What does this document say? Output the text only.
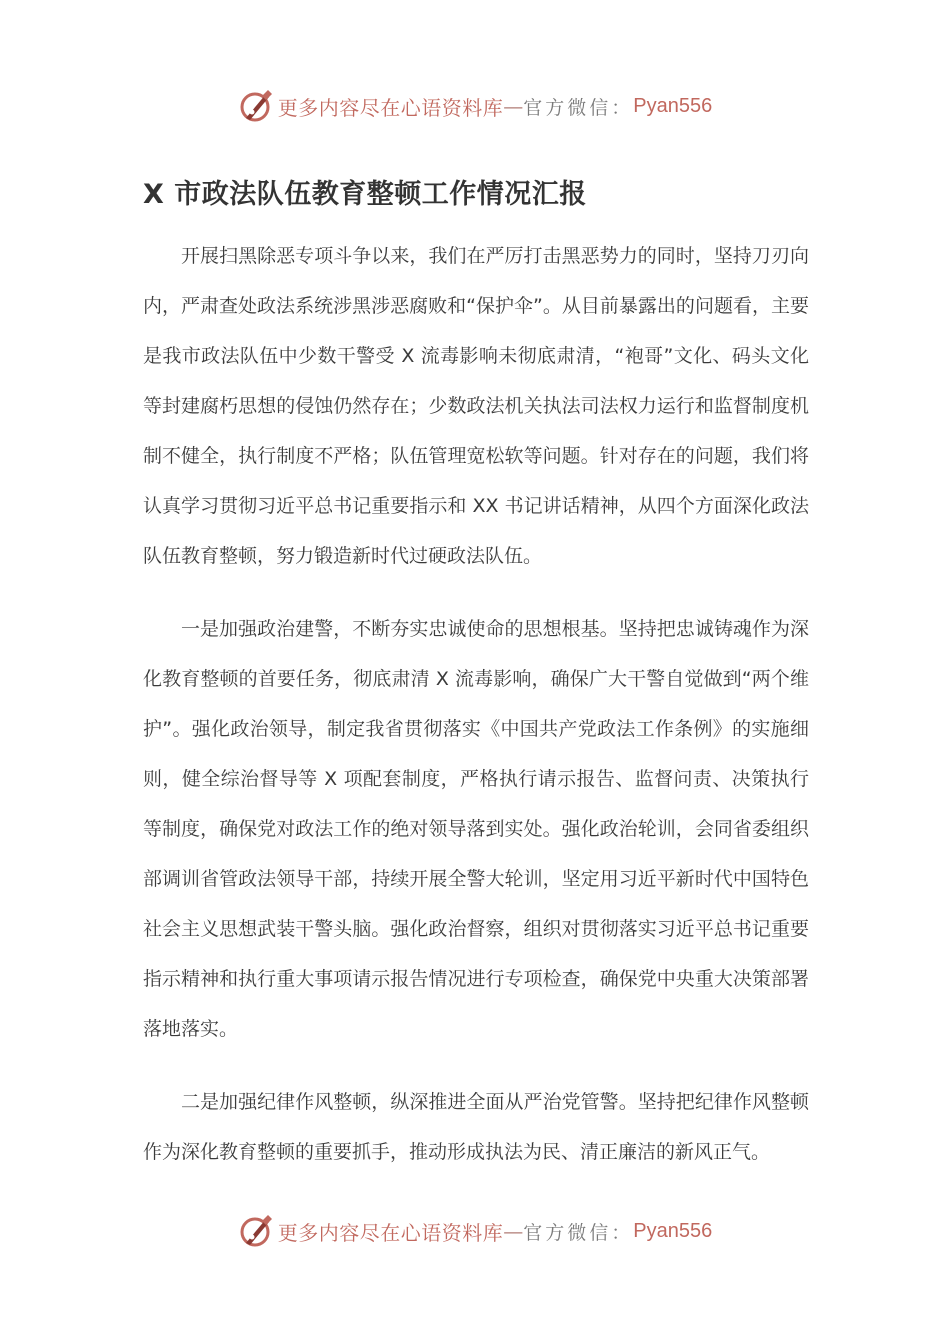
更多内容尽在心语资料库 — 官方微信： Pyan556
X 市政法队伍教育整顿工作情况汇报

开展扫黑除恶专项斗争以来，我们在严厉打击黑恶势力的同时，坚持刀刃向内，严肃查处政法系统涉黑涉恶腐败和“保护伞”。从目前暴露出的问题看，主要是我市政法队伍中少数干警受 X 流毒影响未彻底肃清，“袍哥”文化、码头文化等封建腐朽思想的侵蚀仍然存在；少数政法机关执法司法权力运行和监督制度机制不健全，执行制度不严格；队伍管理宽松软等问题。针对存在的问题，我们将认真学习贯彻习近平总书记重要指示和 XX 书记讲话精神，从四个方面深化政法队伍教育整顿，努力锻造新时代过硬政法队伍。

一是加强政治建警，不断夯实忠诚使命的思想根基。坚持把忠诚铸魂作为深化教育整顿的首要任务，彻底肃清 X 流毒影响，确保广大干警自觉做到“两个维护”。强化政治领导，制定我省贯彻落实《中国共产党政法工作条例》的实施细则，健全综治督导等 X 项配套制度，严格执行请示报告、监督问责、决策执行等制度，确保党对政法工作的绝对领导落到实处。强化政治轮训，会同省委组织部调训省管政法领导干部，持续开展全警大轮训，坚定用习近平新时代中国特色社会主义思想武装干警头脑。强化政治督察，组织对贯彻落实习近平总书记重要指示精神和执行重大事项请示报告情况进行专项检查，确保党中央重大决策部署落地落实。

二是加强纪律作风整顿，纵深推进全面从严治党管警。坚持把纪律作风整顿作为深化教育整顿的重要抓手，推动形成执法为民、清正廉洁的新风正气。

更多内容尽在心语资料库 — 官方微信： Pyan556
